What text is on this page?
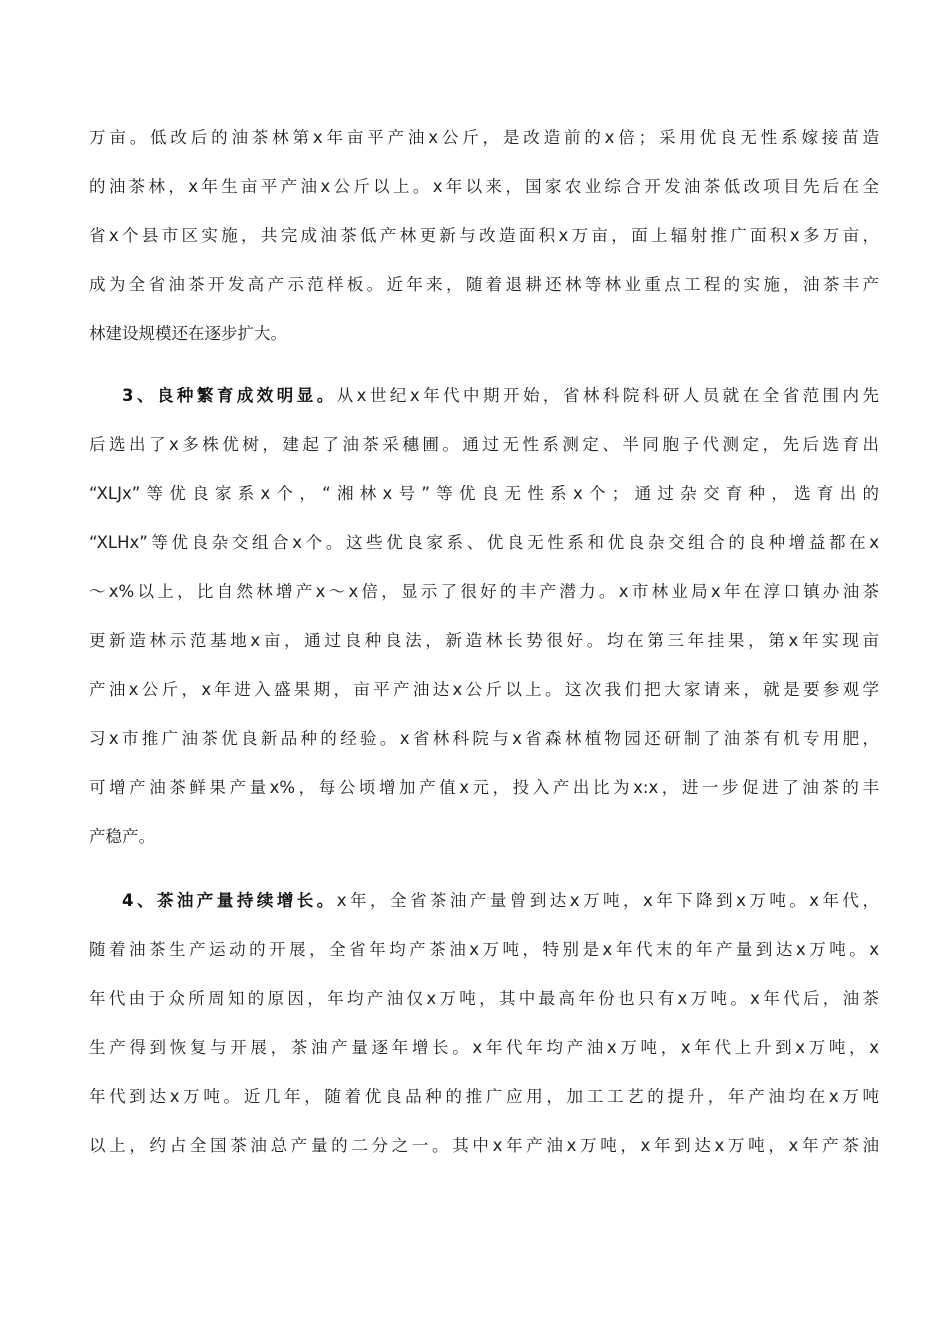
万亩。低改后的油茶林第x年亩平产油x公斤，是改造前的x倍；采用优良无性系嫁接苗造

的油茶林，x年生亩平产油x公斤以上。x年以来，国家农业综合开发油茶低改项目先后在全

省x个县市区实施，共完成油茶低产林更新与改造面积x万亩，面上辐射推广面积x多万亩，

成为全省油茶开发高产示范样板。近年来，随着退耕还林等林业重点工程的实施，油茶丰产

林建设规模还在逐步扩大。

3、良种繁育成效明显。从x世纪x年代中期开始，省林科院科研人员就在全省范围内先

后选出了x多株优树，建起了油茶采穗圃。通过无性系测定、半同胞子代测定，先后选育出

“XLJx”等优良家系x个，“湘林x号”等优良无性系x个；通过杂交育种，选育出的

“XLHx”等优良杂交组合x个。这些优良家系、优良无性系和优良杂交组合的良种增益都在x

～x%以上，比自然林增产x～x倍，显示了很好的丰产潜力。x市林业局x年在淳口镇办油茶

更新造林示范基地x亩，通过良种良法，新造林长势很好。均在第三年挂果，第x年实现亩

产油x公斤，x年进入盛果期，亩平产油达x公斤以上。这次我们把大家请来，就是要参观学

习x市推广油茶优良新品种的经验。x省林科院与x省森林植物园还研制了油茶有机专用肥，

可增产油茶鲜果产量x%，每公顷增加产值x元，投入产出比为x:x，进一步促进了油茶的丰

产稳产。

4、茶油产量持续增长。x年，全省茶油产量曾到达x万吨，x年下降到x万吨。x年代，

随着油茶生产运动的开展，全省年均产茶油x万吨，特别是x年代末的年产量到达x万吨。x

年代由于众所周知的原因，年均产油仅x万吨，其中最高年份也只有x万吨。x年代后，油茶

生产得到恢复与开展，茶油产量逐年增长。x年代年均产油x万吨，x年代上升到x万吨，x

年代到达x万吨。近几年，随着优良品种的推广应用，加工工艺的提升，年产油均在x万吨

以上，约占全国茶油总产量的二分之一。其中x年产油x万吨，x年到达x万吨，x年产茶油
